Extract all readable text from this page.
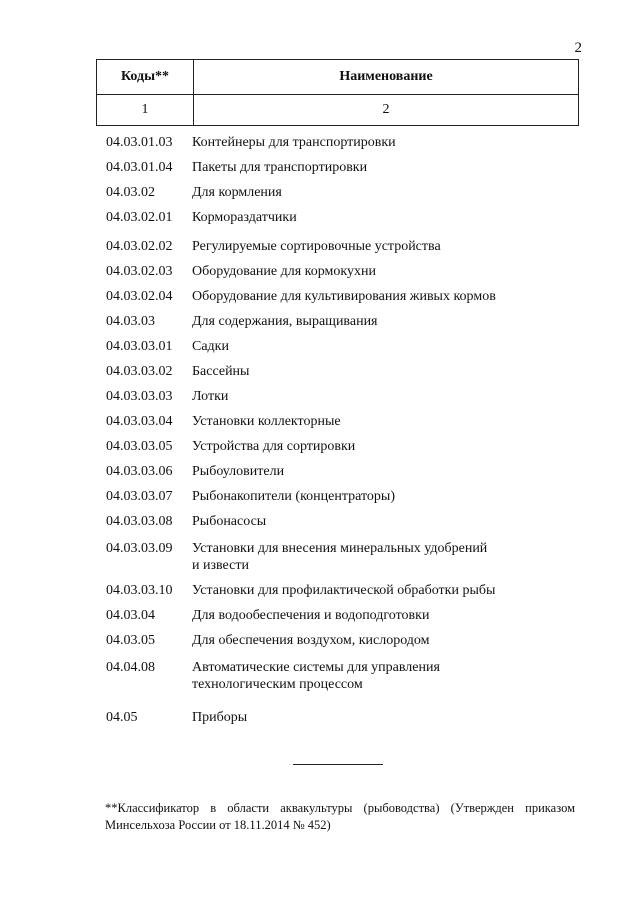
2
Коды**	Наименование
1	2
04.03.01.03	Контейнеры для транспортировки
04.03.01.04	Пакеты для транспортировки
04.03.02	Для кормления
04.03.02.01	Кормораздатчики
04.03.02.02	Регулируемые сортировочные устройства
04.03.02.03	Оборудование для кормокухни
04.03.02.04	Оборудование для культивирования живых кормов
04.03.03	Для содержания, выращивания
04.03.03.01	Садки
04.03.03.02	Бассейны
04.03.03.03	Лотки
04.03.03.04	Установки коллекторные
04.03.03.05	Устройства для сортировки
04.03.03.06	Рыбоуловители
04.03.03.07	Рыбонакопители (концентраторы)
04.03.03.08	Рыбонасосы
04.03.03.09	Установки для внесения минеральных удобрений
и извести
04.03.03.10	Установки для профилактической обработки рыбы
04.03.04	Для водообеспечения и водоподготовки
04.03.05	Для обеспечения воздухом, кислородом
04.04.08	Автоматические системы для управления
технологическим процессом
04.05	Приборы
**Классификатор в области аквакультуры (рыбоводства) (Утвержден приказом Минсельхоза России от 18.11.2014 № 452)
